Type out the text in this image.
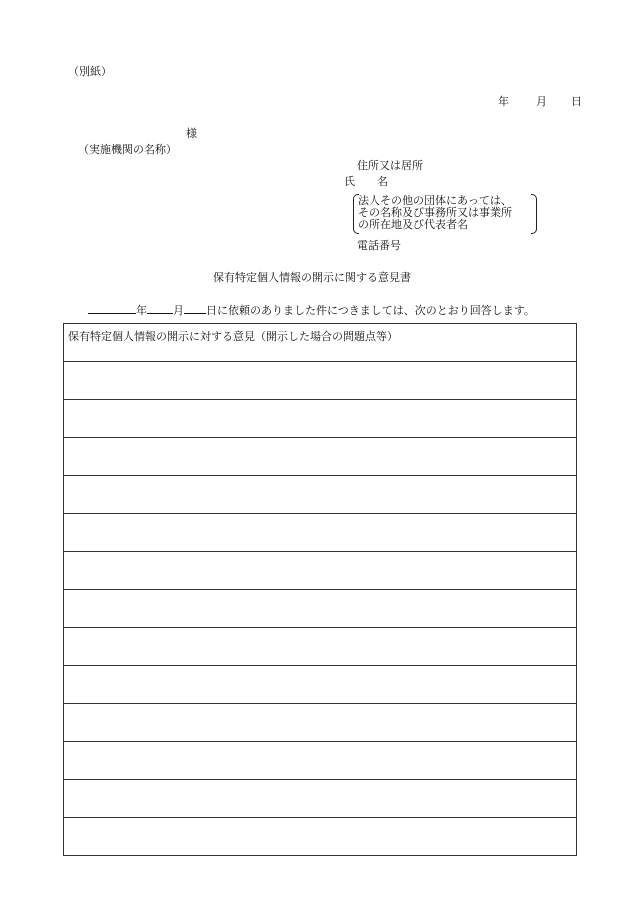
（別紙）
年 月 日
様
（実施機関の名称）
住所又は居所
氏　　名
法人その他の団体にあっては、
その名称及び事務所又は事業所
の所在地及び代表者名
電話番号
保有特定個人情報の開示に関する意見書
年 月 日に依頼のありました件につきましては、次のとおり回答します。
保有特定個人情報の開示に対する意見（開示した場合の問題点等）
